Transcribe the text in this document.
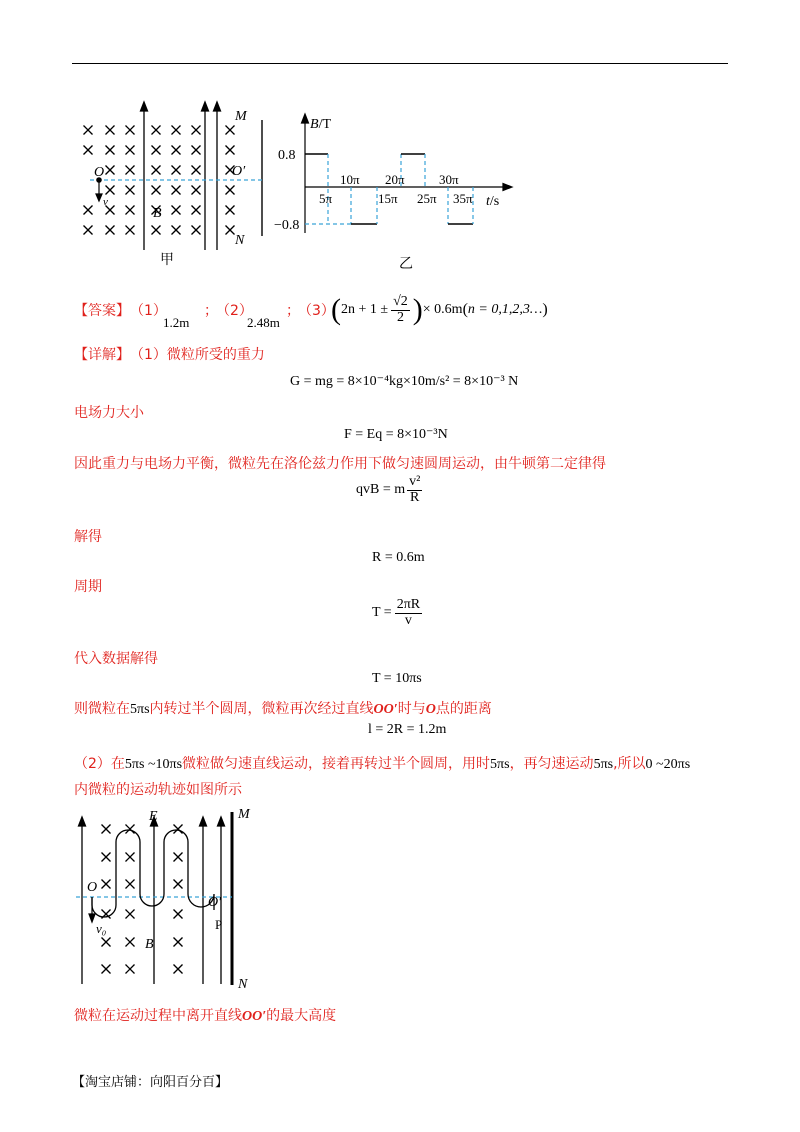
M
N
O	O′
B
v
甲
B/T
0.8
−0.8
10π 20π	30π
5π	15π 25π 35π t/s
乙
【答案】 （1）
1.2m
；
（2）
2.48m
；
（3）
( $2n + 1 \pm \frac{√2}{2}$ ) × 0.6m ( n = 0,1,2,3… )
【详解】 （1）微粒所受的重力
G = mg = 8×10⁻⁴kg×10m/s² = 8×10⁻³ N
电场力大小
F = Eq = 8×10⁻³N
因此重力与电场力平衡，微粒先在洛伦兹力作用下做匀速圆周运动，由牛顿第二定律得
qvB = m $\frac{\text{v²}}{R}$
解得
R = 0.6m
周期
$T = \frac{2\pi R}{v}$
代入数据解得
T = 10πs
则微粒在5πs内转过半个圆周，微粒再次经过直线OO′时与O点的距离
l = 2R = 1.2m
（2）在5πs ~10πs微粒做匀速直线运动，接着再转过半个圆周，用时5πs，再匀速运动5πs,所以0 ~20πs
内微粒的运动轨迹如图所示
E	M
N
O
O′
v₀
B
P
微粒在运动过程中离开直线OO′的最大高度
【淘宝店铺：向阳百分百】
